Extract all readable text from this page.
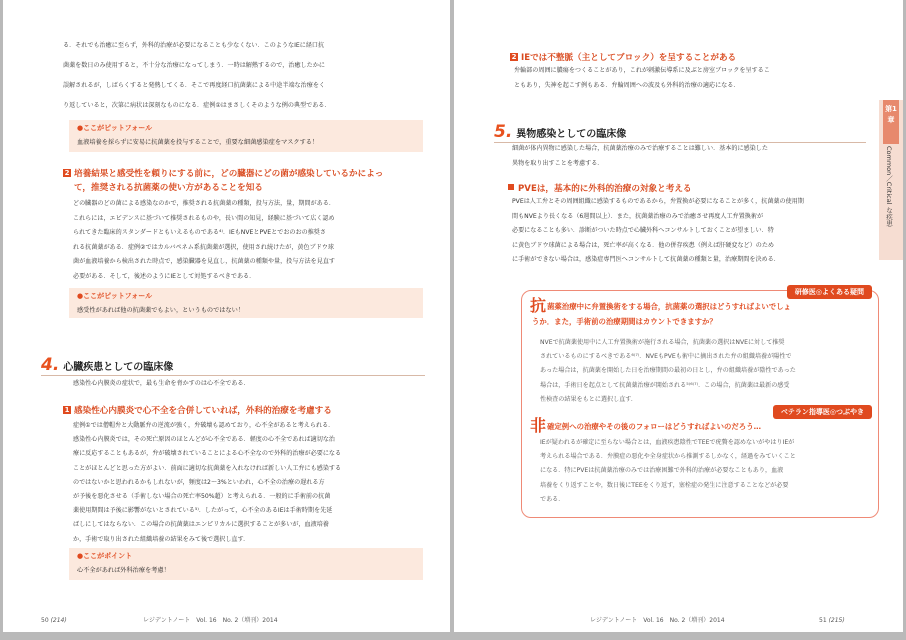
る．それでも治癒に至らず，外科的治療が必要になることも少なくない．このようなIEに経口抗

菌薬を数日のみ使用すると，不十分な治療になってしまう．一時は解熱するので，治癒したかに

誤解されるが，しばらくすると発熱してくる．そこで再度経口抗菌薬による中途半端な治療をく

り返していると，次第に病状は深刻なものになる．症例①はまさしくそのような例の典型である．

●ここがピットフォール
血液培養を採らずに安易に抗菌薬を投与することで，重要な細菌感染症をマスクする！
2 培養結果と感受性を頼りにする前に，どの臓器にどの菌が感染しているかによっ
て，推奨される抗菌薬の使い方があることを知る

どの臓器のどの菌による感染なのかで，推奨される抗菌薬の種類，投与方法，量，期間がある．

これらには，エビデンスに基づいて推奨されるものや，長い間の知見，経験に基づいて広く認め

られてきた臨床的スタンダードともいえるものである⁴⁾．IEもNVEとPVEとでおのおの推奨さ

れる抗菌薬がある．症例②ではカルバペネム系抗菌薬が選択，使用され続けたが，黄色ブドウ球

菌が血液培養から検出された時点で，感染臓器を見直し，抗菌薬の種類や量，投与方法を見直す

必要がある．そして，後述のようにIEとして対処するべきである．

●ここがピットフォール
感受性があれば他の抗菌薬でもよい，というものではない！
4. 心臓疾患としての臨床像

感染性心内膜炎の症状で，最も生命を脅かすのは心不全である．

1 感染性心内膜炎で心不全を合併していれば，外科的治療を考慮する

症例①では僧帽弁と大動脈弁の逆流が強く，弁破壊も認めており，心不全があると考えられる．

感染性心内膜炎では，その死亡原因のほとんどが心不全である．軽度の心不全であれば適切な治

療に反応することもあるが，弁が破壊されていることによる心不全なので外科的治療が必要になる

ことがほとんどと思った方がよい．前面に適切な抗菌薬を入れなければ新しい人工弁にも感染する

のではないかと思われるかもしれないが，頻度は2〜3%といわれ，心不全の治療の遅れる方

が予後を悪化させる（手術しない場合の死亡率50%超）と考えられる．一般的に手術前の抗菌

薬使用期間は予後に影響がないとされている⁵⁾．したがって，心不全のあるIEは手術時期を先延

ばしにしてはならない．この場合の抗菌薬はエンピリカルに選択することが多いが，血液培養

か，手術で取り出された組織培養の結果をみて後で選択し直す．

●ここがポイント
心不全があれば外科治療を考慮！
50 (214)	レジデントノート　Vol. 16　No. 2（増刊）2014
2 IEでは不整脈（主としてブロック）を呈することがある

弁輪部の周囲に膿瘍をつくることがあり，これが刺激伝導系に及ぶと房室ブロックを呈するこ

ともあり，失神を起こす例もある．弁輪周囲への波及も外科的治療の適応になる．

5. 異物感染としての臨床像

細菌が体内異物に感染した場合，抗菌薬治療のみで治療することは難しい．基本的に感染した

異物を取り出すことを考慮する．

PVEは，基本的に外科的治療の対象と考える

PVEは人工弁とその周囲組織に感染するものであるから，弁置換が必要になることが多く，抗菌薬の使用期

間もNVEより長くなる（6週間以上）．また，抗菌薬治療のみで治癒させ再度人工弁置換術が

必要になることも多い．診断がついた時点で心臓外科へコンサルトしておくことが望ましい．特

に黄色ブドウ球菌による場合は，死亡率が高くなる．他の併存疾患（例えば肝硬変など）のため

に手術ができない場合は，感染症専門医へコンサルトして抗菌薬の種類と量，治療期間を決める．

研修医◎よくある疑問
抗菌薬治療中に弁置換術をする場合，抗菌薬の選択はどうすればよいでしょ
うか．また，手術前の治療期間はカウントできますか？

NVEで抗菌薬使用中に人工弁置換術が施行される場合，抗菌薬の選択はNVEに対して推奨

されているものにするべきである⁶⁾⁷⁾．NVEもPVEも術中に摘出された弁の組織培養が陽性で

あった場合は，抗菌薬を開始した日を治療期間の最初の日とし，弁の組織培養が陰性であった

場合は，手術日を起点として抗菌薬治療が開始される⁵⁾⁶⁾⁷⁾．この場合，抗菌薬は最新の感受

性検査の結果をもとに選択し直す．

ベテラン指導医◎つぶやき
非確定例への治療やその後のフォローはどうすればよいのだろう…

IEが疑われるが確定に至らない場合とは，血液疾患陰性でTEEで疣贅を認めないがやはりIEが

考えられる場合である．弁膜症の悪化や全身症状から推測するしかなく，経過をみていくこと

になる．特にPVEは抗菌薬治療のみでは治療困難で外科的治療が必要なこともあり，血液

培養をくり返すことや，数日後にTEEをくり返す，塞栓症の発生に注意することなどが必要

である．

第1章
Common／Critical な疾患
レジデントノート　Vol. 16　No. 2（増刊）2014	51 (215)
